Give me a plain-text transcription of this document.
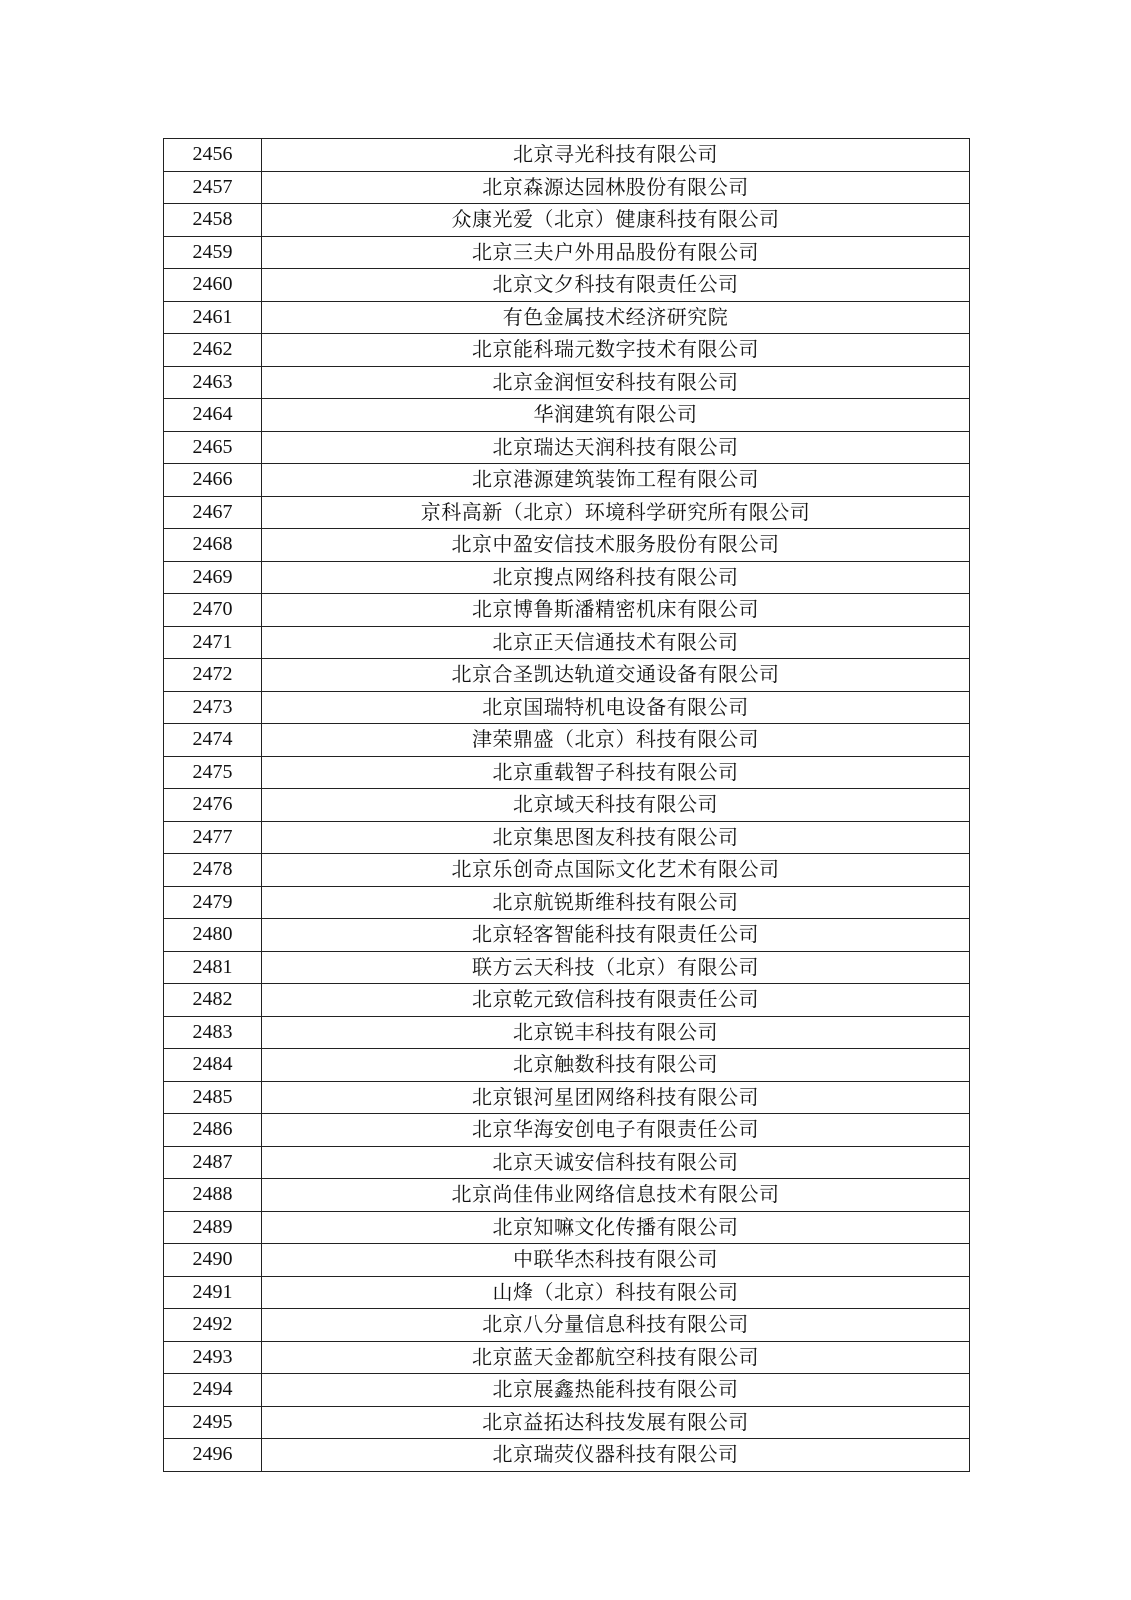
2456	北京寻光科技有限公司
2457	北京森源达园林股份有限公司
2458	众康光爱（北京）健康科技有限公司
2459	北京三夫户外用品股份有限公司
2460	北京文夕科技有限责任公司
2461	有色金属技术经济研究院
2462	北京能科瑞元数字技术有限公司
2463	北京金润恒安科技有限公司
2464	华润建筑有限公司
2465	北京瑞达天润科技有限公司
2466	北京港源建筑装饰工程有限公司
2467	京科高新（北京）环境科学研究所有限公司
2468	北京中盈安信技术服务股份有限公司
2469	北京搜点网络科技有限公司
2470	北京博鲁斯潘精密机床有限公司
2471	北京正天信通技术有限公司
2472	北京合圣凯达轨道交通设备有限公司
2473	北京国瑞特机电设备有限公司
2474	津荣鼎盛（北京）科技有限公司
2475	北京重载智子科技有限公司
2476	北京域天科技有限公司
2477	北京集思图友科技有限公司
2478	北京乐创奇点国际文化艺术有限公司
2479	北京航锐斯维科技有限公司
2480	北京轻客智能科技有限责任公司
2481	联方云天科技（北京）有限公司
2482	北京乾元致信科技有限责任公司
2483	北京锐丰科技有限公司
2484	北京触数科技有限公司
2485	北京银河星团网络科技有限公司
2486	北京华海安创电子有限责任公司
2487	北京天诚安信科技有限公司
2488	北京尚佳伟业网络信息技术有限公司
2489	北京知嘛文化传播有限公司
2490	中联华杰科技有限公司
2491	山烽（北京）科技有限公司
2492	北京八分量信息科技有限公司
2493	北京蓝天金都航空科技有限公司
2494	北京展鑫热能科技有限公司
2495	北京益拓达科技发展有限公司
2496	北京瑞荧仪器科技有限公司
